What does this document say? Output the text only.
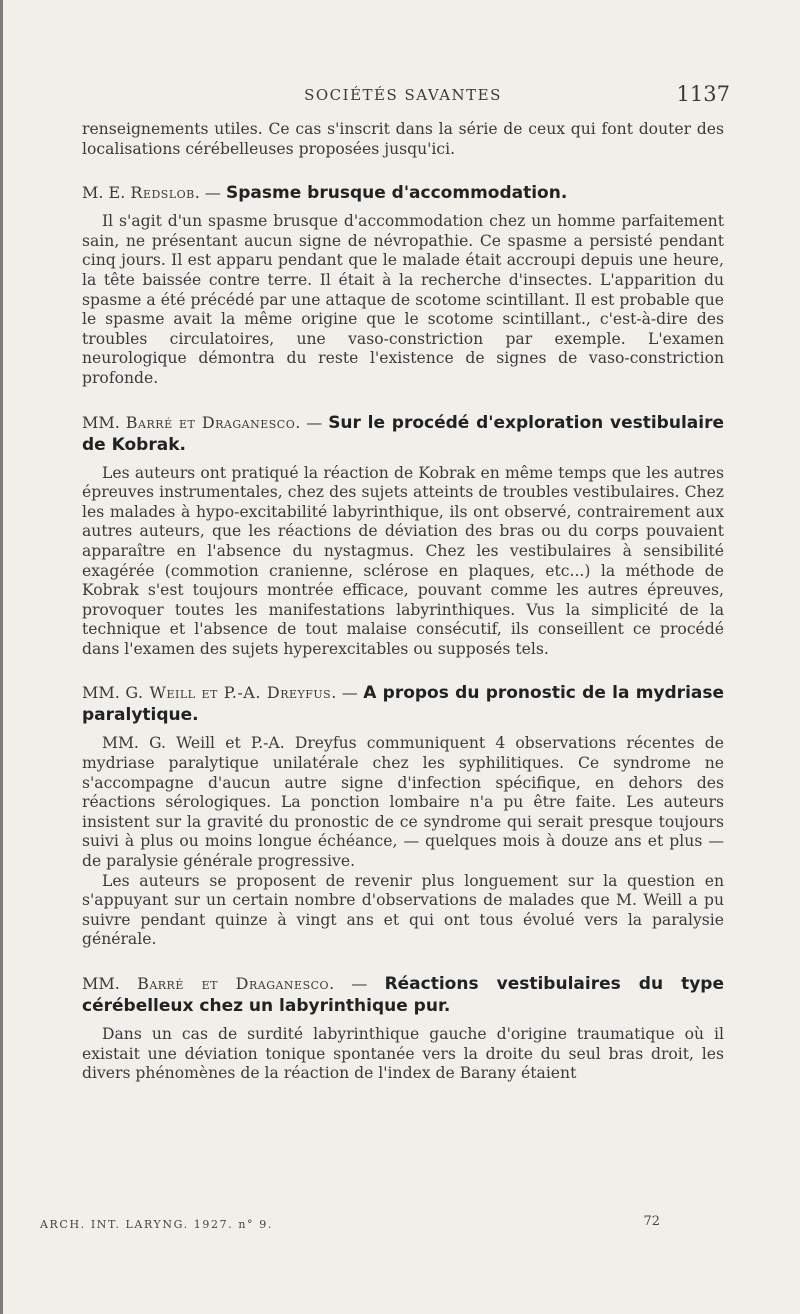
SOCIÉTÉS SAVANTES	1137

renseignements utiles. Ce cas s'inscrit dans la série de ceux qui font douter des localisations cérébelleuses proposées jusqu'ici.

M. E. Redslob. — Spasme brusque d'accommodation.

Il s'agit d'un spasme brusque d'accommodation chez un homme parfaitement sain, ne présentant aucun signe de névropathie. Ce spasme a persisté pendant cinq jours. Il est apparu pendant que le malade était accroupi depuis une heure, la tête baissée contre terre. Il était à la recherche d'insectes. L'apparition du spasme a été précédé par une attaque de scotome scintillant. Il est probable que le spasme avait la même origine que le scotome scintillant., c'est-à-dire des troubles circulatoires, une vaso-constriction par exemple. L'examen neurologique démontra du reste l'existence de signes de vaso-constriction profonde.

MM. Barré et Draganesco. — Sur le procédé d'exploration vestibulaire de Kobrak.

Les auteurs ont pratiqué la réaction de Kobrak en même temps que les autres épreuves instrumentales, chez des sujets atteints de troubles vestibulaires. Chez les malades à hypo-excitabilité labyrinthique, ils ont observé, contrairement aux autres auteurs, que les réactions de déviation des bras ou du corps pouvaient apparaître en l'absence du nystagmus. Chez les vestibulaires à sensibilité exagérée (commotion cranienne, sclérose en plaques, etc...) la méthode de Kobrak s'est toujours montrée efficace, pouvant comme les autres épreuves, provoquer toutes les manifestations labyrinthiques. Vus la simplicité de la technique et l'absence de tout malaise consécutif, ils conseillent ce procédé dans l'examen des sujets hyperexcitables ou supposés tels.

MM. G. Weill et P.-A. Dreyfus. — A propos du pronostic de la mydriase paralytique.

MM. G. Weill et P.-A. Dreyfus communiquent 4 observations récentes de mydriase paralytique unilatérale chez les syphilitiques. Ce syndrome ne s'accompagne d'aucun autre signe d'infection spécifique, en dehors des réactions sérologiques. La ponction lombaire n'a pu être faite. Les auteurs insistent sur la gravité du pronostic de ce syndrome qui serait presque toujours suivi à plus ou moins longue échéance, — quelques mois à douze ans et plus — de paralysie générale progressive.

Les auteurs se proposent de revenir plus longuement sur la question en s'appuyant sur un certain nombre d'observations de malades que M. Weill a pu suivre pendant quinze à vingt ans et qui ont tous évolué vers la paralysie générale.

MM. Barré et Draganesco. — Réactions vestibulaires du type cérébelleux chez un labyrinthique pur.

Dans un cas de surdité labyrinthique gauche d'origine traumatique où il existait une déviation tonique spontanée vers la droite du seul bras droit, les divers phénomènes de la réaction de l'index de Barany étaient

ARCH. INT. LARYNG. 1927. n° 9.	72
